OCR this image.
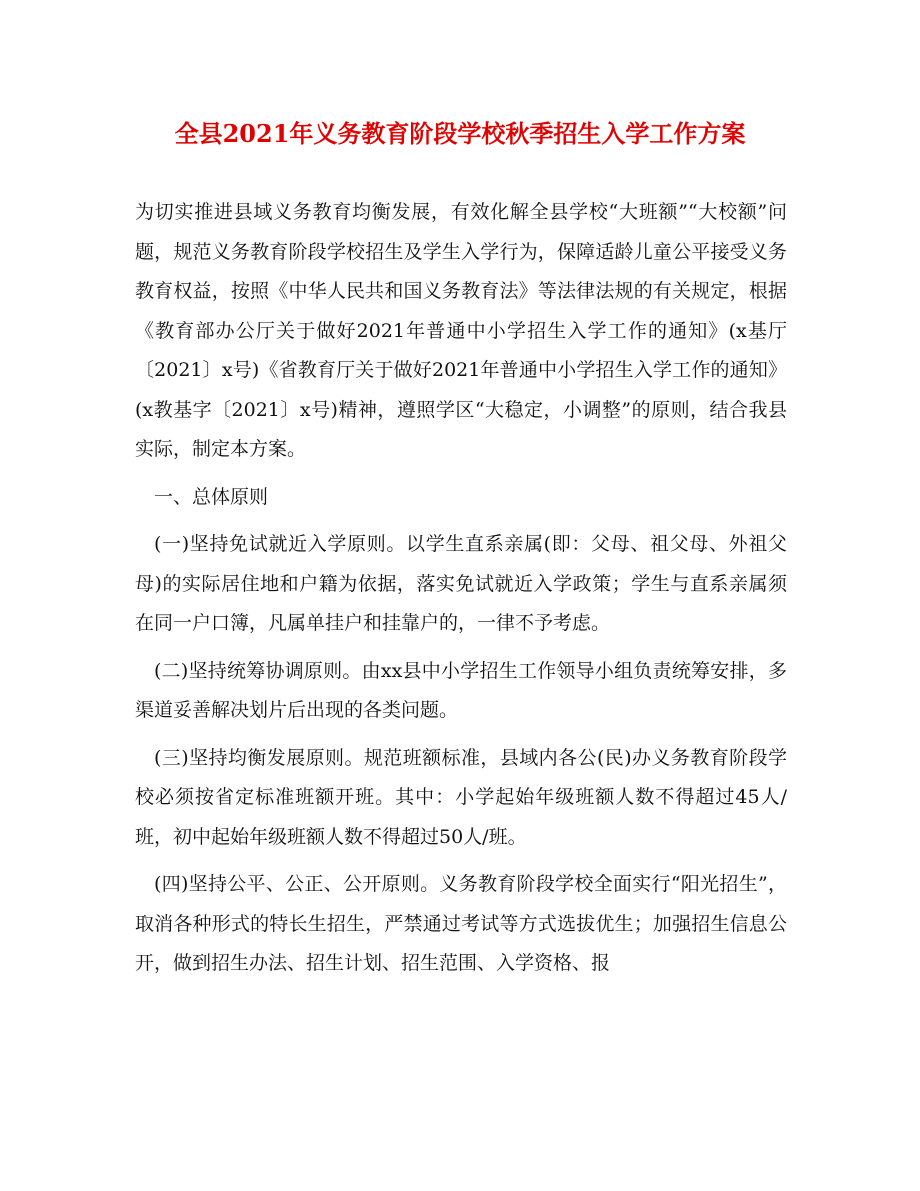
全县2021年义务教育阶段学校秋季招生入学工作方案

为切实推进县域义务教育均衡发展，有效化解全县学校“大班额”“大校额”问题，规范义务教育阶段学校招生及学生入学行为，保障适龄儿童公平接受义务教育权益，按照《中华人民共和国义务教育法》等法律法规的有关规定，根据《教育部办公厅关于做好2021年普通中小学招生入学工作的通知》(x基厅〔2021〕x号)《省教育厅关于做好2021年普通中小学招生入学工作的通知》(x教基字〔2021〕x号)精神，遵照学区“大稳定，小调整”的原则，结合我县实际，制定本方案。

一、总体原则

(一)坚持免试就近入学原则。以学生直系亲属(即：父母、祖父母、外祖父母)的实际居住地和户籍为依据，落实免试就近入学政策；学生与直系亲属须在同一户口簿，凡属单挂户和挂靠户的，一律不予考虑。

(二)坚持统筹协调原则。由xx县中小学招生工作领导小组负责统筹安排，多渠道妥善解决划片后出现的各类问题。

(三)坚持均衡发展原则。规范班额标准，县域内各公(民)办义务教育阶段学校必须按省定标准班额开班。其中：小学起始年级班额人数不得超过45人/班，初中起始年级班额人数不得超过50人/班。

(四)坚持公平、公正、公开原则。义务教育阶段学校全面实行“阳光招生”，取消各种形式的特长生招生，严禁通过考试等方式选拔优生；加强招生信息公开，做到招生办法、招生计划、招生范围、入学资格、报
